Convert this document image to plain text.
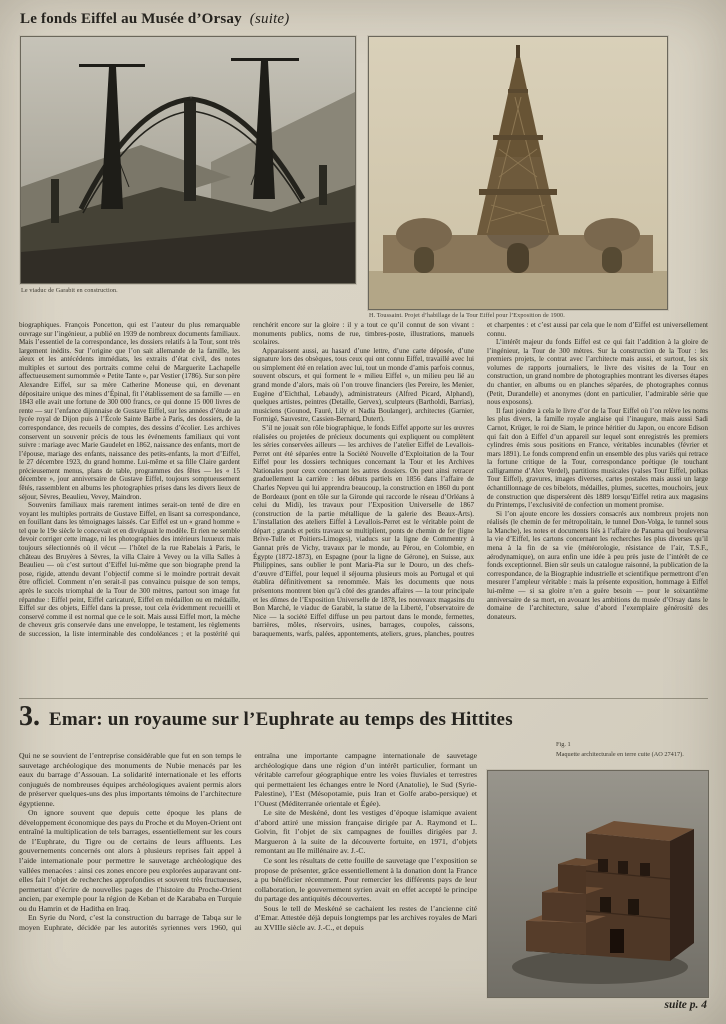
Le fonds Eiffel au Musée d’Orsay (suite)
Le viaduc de Garabit en construction.
H. Toussaint. Projet d’habillage de la Tour Eiffel pour l’Exposition de 1900.

biographiques. François Poncetton, qui est l’auteur du plus remarquable ouvrage sur l’ingénieur, a publié en 1939 de nombreux documents familiaux. Mais l’essentiel de la correspondance, les dossiers relatifs à la Tour, sont très largement inédits. Sur l’origine que l’on sait allemande de la famille, les aïeux et les antécédents immédiats, les extraits d’état civil, des notes multiples et surtout des portraits comme celui de Marguerite Lachapelle affectueusement surnommée « Petite Tante », par Vestier (1786). Sur son père Alexandre Eiffel, sur sa mère Catherine Moneuse qui, en devenant dépositaire unique des mines d’Épinal, fit l’établissement de sa famille — en 1843 elle avait une fortune de 300 000 francs, ce qui donne 15 000 livres de rente — sur l’enfance dijonnaise de Gustave Eiffel, sur les années d’étude au lycée royal de Dijon puis à l’École Sainte Barbe à Paris, des dossiers, de la correspondance, des recueils de comptes, des dessins d’écolier. Les archives conservent un souvenir précis de tous les événements familiaux qui vont suivre : mariage avec Marie Gaudelet en 1862, naissance des enfants, mort de l’épouse, mariage des enfants, naissance des petits-enfants, la mort d’Eiffel, le 27 décembre 1923, du grand homme. Lui-même et sa fille Claire gardent précieusement menus, plans de table, programmes des fêtes — les « 15 décembre », jour anniversaire de Gustave Eiffel, toujours somptueusement fêtés, rassemblent en albums les photographies prises dans les divers lieux de séjour, Sèvres, Beaulieu, Vevey, Maindron.

Souvenirs familiaux mais rarement intimes serait-on tenté de dire en voyant les multiples portraits de Gustave Eiffel, en lisant sa correspondance, en fouillant dans les témoignages laissés. Car Eiffel est un « grand homme » tel que le 19e siècle le concevait et en divulguait le modèle. Et rien ne semble devoir corriger cette image, ni les photographies des intérieurs luxueux mais toujours sélectionnés où il vécut — l’hôtel de la rue Rabelais à Paris, le château des Bruyères à Sèvres, la villa Claire à Vevey ou la villa Salles à Beaulieu — où c’est surtout d’Eiffel lui-même que son biographe prend la pose, rigide, attendu devant l’objectif comme si le moindre portrait devait être officiel. Comment n’en serait-il pas convaincu puisque de son temps, après le succès triomphal de la Tour de 300 mètres, partout son image fut répandue : Eiffel peint, Eiffel caricaturé, Eiffel en médaillon ou en médaille, Eiffel sur des objets, Eiffel dans la presse, tout cela évidemment recueilli et conservé comme il est normal que ce le soit. Mais aussi Eiffel mort, la mèche de cheveux gris conservée dans une enveloppe, le testament, les règlements de succession, la liste interminable des condoléances ; et la postérité qui renchérit encore sur la gloire : il y a tout ce qu’il connut de son vivant : monuments publics, noms de rue, timbres-poste, illustrations, manuels scolaires.

Apparaissent aussi, au hasard d’une lettre, d’une carte déposée, d’une signature lors des obsèques, tous ceux qui ont connu Eiffel, travaillé avec lui ou simplement été en relation avec lui, tout un monde d’amis parfois connus, souvent obscurs, et qui forment le « milieu Eiffel », un milieu peu lié au grand monde d’alors, mais où l’on trouve financiers (les Pereire, les Menier, Eugène d’Eichthal, Lebaudy), administrateurs (Alfred Picard, Alphand), quelques artistes, peintres (Detaille, Gervex), sculpteurs (Bartholdi, Barrias), musiciens (Gounod, Fauré, Lily et Nadia Boulanger), architectes (Garnier, Formigé, Sauvestre, Cassien-Bernard, Dutert).

S’il ne jouait son rôle biographique, le fonds Eiffel apporte sur les œuvres réalisées ou projetées de précieux documents qui expliquent ou complètent les séries conservées ailleurs — les archives de l’atelier Eiffel de Levallois-Perret ont été séparées entre la Société Nouvelle d’Exploitation de la Tour Eiffel pour les dossiers techniques concernant la Tour et les Archives Nationales pour ceux concernant les autres dossiers. On peut ainsi retracer graduellement la carrière : les débuts partiels en 1856 dans l’affaire de Charles Nepveu qui lui apprendra beaucoup, la construction en 1860 du pont de Bordeaux (pont en tôle sur la Gironde qui raccorde le réseau d’Orléans à celui du Midi), les travaux pour l’Exposition Universelle de 1867 (construction de la partie métallique de la galerie des Beaux-Arts). L’installation des ateliers Eiffel à Levallois-Perret est le véritable point de départ ; grands et petits travaux se multiplient, ponts de chemin de fer (ligne Brive-Tulle et Poitiers-Limoges), viaducs sur la ligne de Commentry à Gannat près de Vichy, travaux par le monde, au Pérou, en Colombie, en Égypte (1872-1873), en Espagne (pour la ligne de Gérone), en Suisse, aux Philippines, sans oublier le pont Maria-Pia sur le Douro, un des chefs-d’œuvre d’Eiffel, pour lequel il séjourna plusieurs mois au Portugal et qui établira définitivement sa renommée. Mais les documents que nous présentons montrent bien qu’à côté des grandes affaires — la tour principale et les dômes de l’Exposition Universelle de 1878, les nouveaux magasins du Bon Marché, le viaduc de Garabit, la statue de la Liberté, l’observatoire de Nice — la société Eiffel diffuse un peu partout dans le monde, fermettes, barrières, môles, réservoirs, usines, barrages, coupoles, caissons, baraquements, warfs, palées, appontements, ateliers, grues, planches, poutres et charpentes : et c’est aussi par cela que le nom d’Eiffel est universellement connu.

L’intérêt majeur du fonds Eiffel est ce qui fait l’addition à la gloire de l’ingénieur, la Tour de 300 mètres. Sur la construction de la Tour : les premiers projets, le contrat avec l’architecte mais aussi, et surtout, les six volumes de rapports journaliers, le livre des visites de la Tour en construction, un grand nombre de photographies montrant les diverses étapes du chantier, en albums ou en planches séparées, de photographes connus (Petit, Durandelle) et anonymes (dont en particulier, l’admirable série que nous exposons).

Il faut joindre à cela le livre d’or de la Tour Eiffel où l’on relève les noms les plus divers, la famille royale anglaise qui l’inaugure, mais aussi Sadi Carnot, Krüger, le roi de Siam, le prince héritier du Japon, ou encore Edison qui fait don à Eiffel d’un appareil sur lequel sont enregistrés les premiers cylindres émis sous positions en France, véritables incunables (février et mars 1891). Le fonds comprend enfin un ensemble des plus variés qui retrace la fortune critique de la Tour, correspondance poétique (le touchant calligramme d’Alex Verdel), partitions musicales (valses Tour Eiffel, polkas Tour Eiffel), gravures, images diverses, cartes postales mais aussi un large échantillonnage de ces bibelots, médailles, plumes, sucettes, mouchoirs, jeux de construction que dispersèrent dès 1889 lorsqu’Eiffel retira aux magasins du Printemps, l’exclusivité de confection un moment promise.

Si l’on ajoute encore les dossiers consacrés aux nombreux projets non réalisés (le chemin de fer métropolitain, le tunnel Don-Volga, le tunnel sous la Manche), les notes et documents liés à l’affaire de Panama qui bouleversa la vie d’Eiffel, les cartons concernant les recherches les plus diverses qu’il mena à la fin de sa vie (météorologie, résistance de l’air, T.S.F., aérodynamique), on aura enfin une idée à peu près juste de l’intérêt de ce fonds exceptionnel. Bien sûr seuls un catalogue raisonné, la publication de la correspondance, de la Biographie industrielle et scientifique permettront d’en mesurer l’ampleur véritable : mais la présente exposition, hommage à Eiffel lui-même — si sa gloire n’en a guère besoin — pour le soixantième anniversaire de sa mort, en avouant les ambitions du musée d’Orsay dans le domaine de l’architecture, salue d’abord l’exemplaire générosité des donateurs.

3. Emar: un royaume sur l’Euphrate au temps des Hittites

Qui ne se souvient de l’entreprise considérable que fut en son temps le sauvetage archéologique des monuments de Nubie menacés par les eaux du barrage d’Assouan. La solidarité internationale et les efforts conjugués de nombreuses équipes archéologiques avaient permis alors de préserver quelques-uns des plus importants témoins de l’architecture égyptienne.

On ignore souvent que depuis cette époque les plans de développement économique des pays du Proche et du Moyen-Orient ont entraîné la multiplication de tels barrages, essentiellement sur les cours de l’Euphrate, du Tigre ou de certains de leurs affluents. Les gouvernements concernés ont alors à plusieurs reprises fait appel à l’aide internationale pour permettre le sauvetage archéologique des vallées menacées : ainsi ces zones encore peu explorées auparavant ont-elles fait l’objet de recherches approfondies et souvent très fructueuses, permettant d’écrire de nouvelles pages de l’histoire du Proche-Orient ancien, par exemple pour la région de Keban et de Karababa en Turquie ou du Hamrin et de Haditha en Iraq.

En Syrie du Nord, c’est la construction du barrage de Tabqa sur le moyen Euphrate, décidée par les autorités syriennes vers 1960, qui entraîna une importante campagne internationale de sauvetage archéologique dans une région d’un intérêt particulier, formant un véritable carrefour géographique entre les voies fluviales et terrestres qui permettaient les échanges entre le Nord (Anatolie), le Sud (Syrie-Palestine), l’Est (Mésopotamie, puis Iran et Golfe arabo-persique) et l’Ouest (Méditerranée orientale et Égée).

Le site de Meskéné, dont les vestiges d’époque islamique avaient d’abord attiré une mission française dirigée par A. Raymond et L. Golvin, fit l’objet de six campagnes de fouilles dirigées par J. Margueron à la suite de la découverte fortuite, en 1971, d’objets remontant au IIe millénaire av. J.-C.

Ce sont les résultats de cette fouille de sauvetage que l’exposition se propose de présenter, grâce essentiellement à la donation dont la France a pu bénéficier récemment. Pour remercier les différents pays de leur collaboration, le gouvernement syrien avait en effet accepté le principe du partage des antiquités découvertes.

Sous le tell de Meskéné se cachaient les restes de l’ancienne cité d’Emar. Attestée déjà depuis longtemps par les archives royales de Mari au XVIIIe siècle av. J.-C., et depuis

Fig. 1
Maquette architecturale en terre cuite (AO 27417).
suite p. 4
